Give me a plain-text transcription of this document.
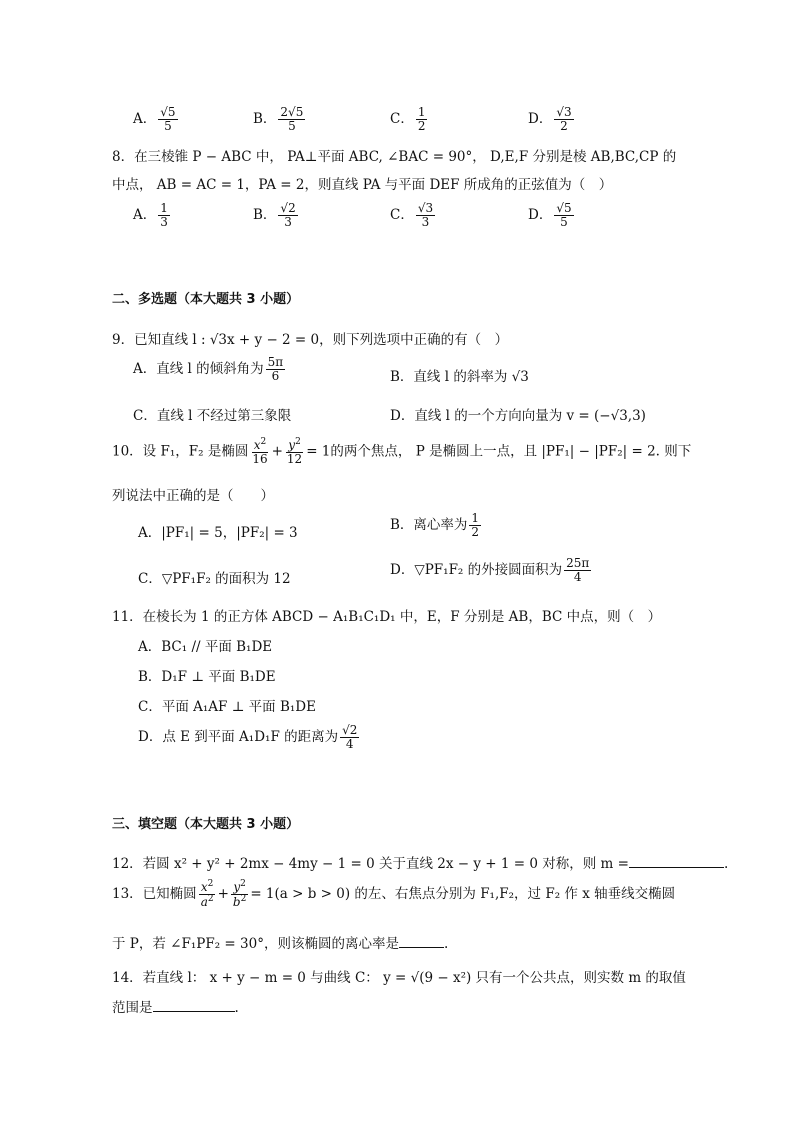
A． $\frac{√5}{5}$	B． $\frac{2√5}{5}$	C． $\frac{1}{2}$	D． $\frac{√3}{2}$
8．在三棱锥 P − ABC 中， PA⊥平面 ABC, ∠BAC = 90°， D,E,F 分别是棱 AB,BC,CP 的
中点， AB = AC = 1，PA = 2，则直线 PA 与平面 DEF 所成角的正弦值为（　）
A． $\frac{1}{3}$	B． $\frac{√2}{3}$	C． $\frac{√3}{3}$	D． $\frac{√5}{5}$
二、多选题（本大题共 3 小题）
9．已知直线 l : √3x + y − 2 = 0，则下列选项中正确的有（　）
A．直线 l 的倾斜角为 $\frac{5\pi}{6}$	B．直线 l 的斜率为 √3
C．直线 l 不经过第三象限	D．直线 l 的一个方向向量为 v = (−√3,3)
10．设 F₁，F₂ 是椭圆 $\frac{x^2}{16} + \frac{y^2}{12} = 1$的两个焦点， P 是椭圆上一点，且 |PF₁| − |PF₂| = 2. 则下
列说法中正确的是（　　）
A．|PF₁| = 5，|PF₂| = 3	B．离心率为 $\frac{1}{2}$
C．▽PF₁F₂ 的面积为 12
D．▽PF₁F₂ 的外接圆面积为 $\frac{25\pi}{4}$
11．在棱长为 1 的正方体 ABCD − A₁B₁C₁D₁ 中，E，F 分别是 AB，BC 中点，则（　）
A．BC₁ // 平面 B₁DE
B．D₁F ⊥ 平面 B₁DE
C．平面 A₁AF ⊥ 平面 B₁DE
D．点 E 到平面 A₁D₁F 的距离为 $\frac{√2}{4}$
三、填空题（本大题共 3 小题）
12．若圆 x² + y² + 2mx − 4my − 1 = 0 关于直线 2x − y + 1 = 0 对称，则 m =	.
13．已知椭圆 $\frac{x^2}{a^2} + \frac{y^2}{b^2} = 1(a > b > 0)$ 的左、右焦点分别为 F₁,F₂，过 F₂ 作 x 轴垂线交椭圆
于 P，若 ∠F₁PF₂ = 30°，则该椭圆的离心率是	.
14．若直线 l： x + y − m = 0 与曲线 C： y = √(9 − x²) 只有一个公共点，则实数 m 的取值
范围是	.
